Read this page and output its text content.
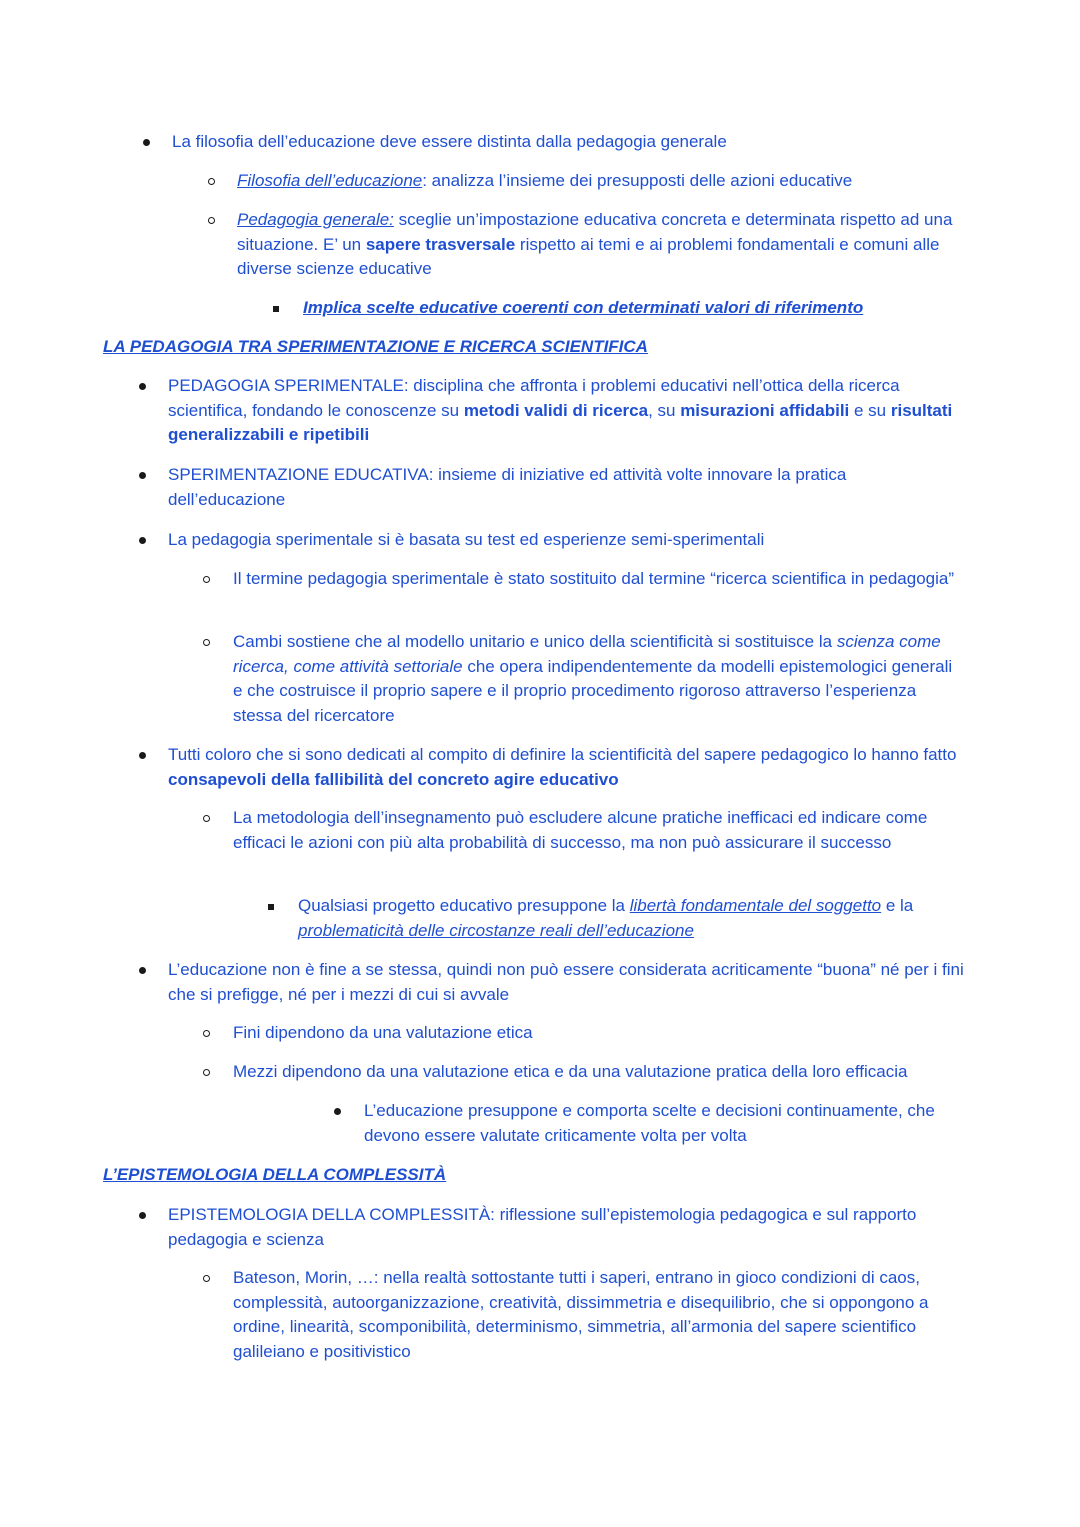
La filosofia dell’educazione deve essere distinta dalla pedagogia generale
Filosofia dell’educazione: analizza l’insieme dei presupposti delle azioni educative
Pedagogia generale: sceglie un’impostazione educativa concreta e determinata rispetto ad una situazione. E’ un sapere trasversale rispetto ai temi e ai problemi fondamentali e comuni alle diverse scienze educative
Implica scelte educative coerenti con determinati valori di riferimento
LA PEDAGOGIA TRA SPERIMENTAZIONE E RICERCA SCIENTIFICA
PEDAGOGIA SPERIMENTALE: disciplina che affronta i problemi educativi nell’ottica della ricerca scientifica, fondando le conoscenze su metodi validi di ricerca, su misurazioni affidabili e su risultati generalizzabili e ripetibili
SPERIMENTAZIONE EDUCATIVA: insieme di iniziative ed attività volte innovare la pratica dell’educazione
La pedagogia sperimentale si è basata su test ed esperienze semi-sperimentali
Il termine pedagogia sperimentale è stato sostituito dal termine “ricerca scientifica in pedagogia”
Cambi sostiene che al modello unitario e unico della scientificità si sostituisce la scienza come ricerca, come attività settoriale che opera indipendentemente da modelli epistemologici generali e che costruisce il proprio sapere e il proprio procedimento rigoroso attraverso l’esperienza stessa del ricercatore
Tutti coloro che si sono dedicati al compito di definire la scientificità del sapere pedagogico lo hanno fatto consapevoli della fallibilità del concreto agire educativo
La metodologia dell’insegnamento può escludere alcune pratiche inefficaci ed indicare come efficaci le azioni con più alta probabilità di successo, ma non può assicurare il successo
Qualsiasi progetto educativo presuppone la libertà fondamentale del soggetto e la problematicità delle circostanze reali dell’educazione
L’educazione non è fine a se stessa, quindi non può essere considerata acriticamente “buona” né per i fini che si prefigge, né per i mezzi di cui si avvale
Fini dipendono da una valutazione etica
Mezzi dipendono da una valutazione etica e da una valutazione pratica della loro efficacia
L’educazione presuppone e comporta scelte e decisioni continuamente, che devono essere valutate criticamente volta per volta
L’EPISTEMOLOGIA DELLA COMPLESSITÀ
EPISTEMOLOGIA DELLA COMPLESSITÀ: riflessione sull’epistemologia pedagogica e sul rapporto pedagogia e scienza
Bateson, Morin, …: nella realtà sottostante tutti i saperi, entrano in gioco condizioni di caos, complessità, autoorganizzazione, creatività, dissimmetria e disequilibrio, che si oppongono a ordine, linearità, scomponibilità, determinismo, simmetria, all’armonia del sapere scientifico galileiano e positivistico
